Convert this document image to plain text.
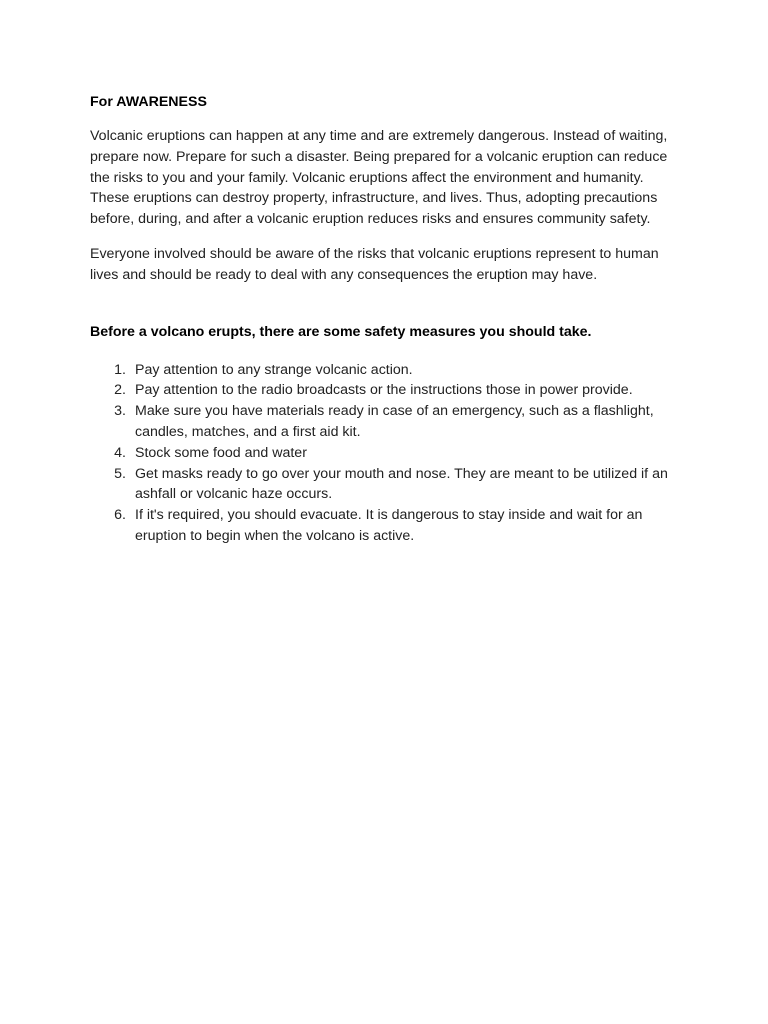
For AWARENESS

Volcanic eruptions can happen at any time and are extremely dangerous. Instead of waiting, prepare now. Prepare for such a disaster. Being prepared for a volcanic eruption can reduce the risks to you and your family. Volcanic eruptions affect the environment and humanity. These eruptions can destroy property, infrastructure, and lives. Thus, adopting precautions before, during, and after a volcanic eruption reduces risks and ensures community safety.

Everyone involved should be aware of the risks that volcanic eruptions represent to human lives and should be ready to deal with any consequences the eruption may have.

Before a volcano erupts, there are some safety measures you should take.
1. Pay attention to any strange volcanic action.
2. Pay attention to the radio broadcasts or the instructions those in power provide.
3. Make sure you have materials ready in case of an emergency, such as a flashlight, candles, matches, and a first aid kit.
4. Stock some food and water
5. Get masks ready to go over your mouth and nose. They are meant to be utilized if an ashfall or volcanic haze occurs.
6. If it's required, you should evacuate. It is dangerous to stay inside and wait for an eruption to begin when the volcano is active.
